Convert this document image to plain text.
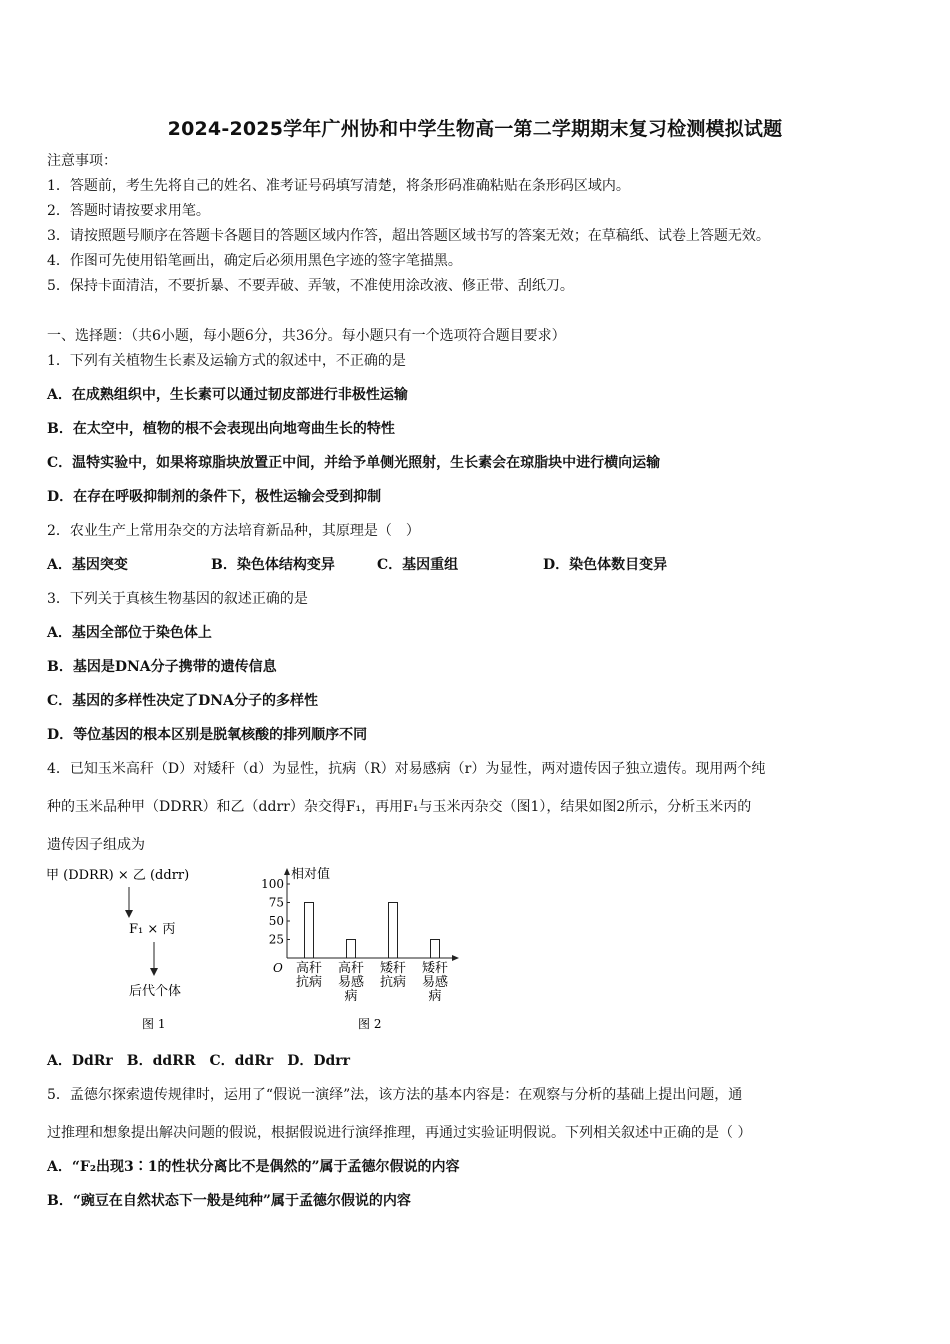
2024-2025学年广州协和中学生物高一第二学期期末复习检测模拟试题
注意事项：
1．答题前，考生先将自己的姓名、准考证号码填写清楚，将条形码准确粘贴在条形码区域内。
2．答题时请按要求用笔。
3．请按照题号顺序在答题卡各题目的答题区域内作答，超出答题区域书写的答案无效；在草稿纸、试卷上答题无效。
4．作图可先使用铅笔画出，确定后必须用黑色字迹的签字笔描黑。
5．保持卡面清洁，不要折暴、不要弄破、弄皱，不准使用涂改液、修正带、刮纸刀。
一、选择题：（共6小题，每小题6分，共36分。每小题只有一个选项符合题目要求）
1．下列有关植物生长素及运输方式的叙述中，不正确的是
A．在成熟组织中，生长素可以通过韧皮部进行非极性运输
B．在太空中，植物的根不会表现出向地弯曲生长的特性
C．温特实验中，如果将琼脂块放置正中间，并给予单侧光照射，生长素会在琼脂块中进行横向运输
D．在存在呼吸抑制剂的条件下，极性运输会受到抑制
2．农业生产上常用杂交的方法培育新品种，其原理是（　）
A．基因突变	B．染色体结构变异	C．基因重组	D．染色体数目变异
3．下列关于真核生物基因的叙述正确的是
A．基因全部位于染色体上
B．基因是DNA分子携带的遗传信息
C．基因的多样性决定了DNA分子的多样性
D．等位基因的根本区别是脱氧核酸的排列顺序不同
4．已知玉米高秆（D）对矮秆（d）为显性，抗病（R）对易感病（r）为显性，两对遗传因子独立遗传。现用两个纯
种的玉米品种甲（DDRR）和乙（ddrr）杂交得F₁，再用F₁与玉米丙杂交（图1），结果如图2所示，分析玉米丙的
遗传因子组成为
甲 (DDRR) × 乙 (ddrr)
F₁ × 丙
后代个体
图 1
相对值
O
100
75
50
25
高秆
抗病
高秆
易感
病
矮秆
抗病
矮秆
易感
病
图 2
A．DdRr　B．ddRR　C．ddRr　D．Ddrr
5．孟德尔探索遗传规律时，运用了“假说一演绎”法，该方法的基本内容是：在观察与分析的基础上提出问题，通
过推理和想象提出解决问题的假说，根据假说进行演绎推理，再通过实验证明假说。下列相关叙述中正确的是（ ）
A．“F₂出现3∶1的性状分离比不是偶然的”属于孟德尔假说的内容
B．“豌豆在自然状态下一般是纯种”属于孟德尔假说的内容
